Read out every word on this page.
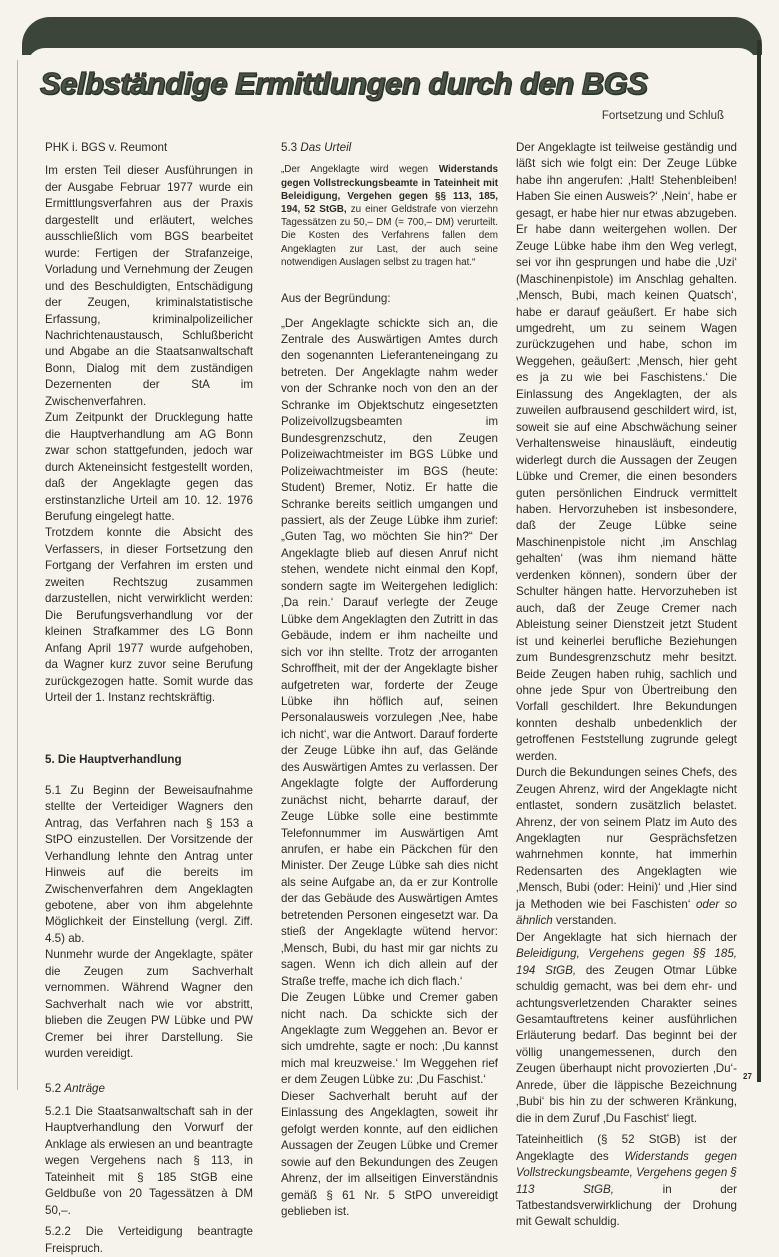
Selbständige Ermittlungen durch den BGS
Fortsetzung und Schluß
PHK i. BGS v. Reumont
Im ersten Teil dieser Ausführungen in der Ausgabe Februar 1977 wurde ein Ermittlungsverfahren aus der Praxis dargestellt und erläutert, welches ausschließlich vom BGS bearbeitet wurde: Fertigen der Strafanzeige, Vorladung und Vernehmung der Zeugen und des Beschuldigten, Entschädigung der Zeugen, kriminalstatistische Erfassung, kriminalpolizeilicher Nachrichtenaustausch, Schlußbericht und Abgabe an die Staatsanwaltschaft Bonn, Dialog mit dem zuständigen Dezernenten der StA im Zwischenverfahren.
Zum Zeitpunkt der Drucklegung hatte die Hauptverhandlung am AG Bonn zwar schon stattgefunden, jedoch war durch Akteneinsicht festgestellt worden, daß der Angeklagte gegen das erstinstanzliche Urteil am 10. 12. 1976 Berufung eingelegt hatte.
Trotzdem konnte die Absicht des Verfassers, in dieser Fortsetzung den Fortgang der Verfahren im ersten und zweiten Rechtszug zusammen darzustellen, nicht verwirklicht werden: Die Berufungsverhandlung vor der kleinen Strafkammer des LG Bonn Anfang April 1977 wurde aufgehoben, da Wagner kurz zuvor seine Berufung zurückgezogen hatte. Somit wurde das Urteil der 1. Instanz rechtskräftig.
5. Die Hauptverhandlung
5.1 Zu Beginn der Beweisaufnahme stellte der Verteidiger Wagners den Antrag, das Verfahren nach § 153 a StPO einzustellen. Der Vorsitzende der Verhandlung lehnte den Antrag unter Hinweis auf die bereits im Zwischenverfahren dem Angeklagten gebotene, aber von ihm abgelehnte Möglichkeit der Einstellung (vergl. Ziff. 4.5) ab.
Nunmehr wurde der Angeklagte, später die Zeugen zum Sachverhalt vernommen. Während Wagner den Sachverhalt nach wie vor abstritt, blieben die Zeugen PW Lübke und PW Cremer bei ihrer Darstellung. Sie wurden vereidigt.
5.2 Anträge
5.2.1 Die Staatsanwaltschaft sah in der Hauptverhandlung den Vorwurf der Anklage als erwiesen an und beantragte wegen Vergehens nach § 113, in Tateinheit mit § 185 StGB eine Geldbuße von 20 Tagessätzen à DM 50,–.
5.2.2 Die Verteidigung beantragte Freispruch.
5.3 Das Urteil
„Der Angeklagte wird wegen Widerstands gegen Vollstreckungsbeamte in Tateinheit mit Beleidigung, Vergehen gegen §§ 113, 185, 194, 52 StGB, zu einer Geldstrafe von vierzehn Tagessätzen zu 50,– DM (= 700,– DM) verurteilt. Die Kosten des Verfahrens fallen dem Angeklagten zur Last, der auch seine notwendigen Auslagen selbst zu tragen hat.“
Aus der Begründung:
„Der Angeklagte schickte sich an, die Zentrale des Auswärtigen Amtes durch den sogenannten Lieferanteneingang zu betreten. Der Angeklagte nahm weder von der Schranke noch von den an der Schranke im Objektschutz eingesetzten Polizeivollzugsbeamten im Bundesgrenzschutz, den Zeugen Polizeiwachtmeister im BGS Lübke und Polizeiwachtmeister im BGS (heute: Student) Bremer, Notiz. Er hatte die Schranke bereits seitlich umgangen und passiert, als der Zeuge Lübke ihm zurief: „Guten Tag, wo möchten Sie hin?“ Der Angeklagte blieb auf diesen Anruf nicht stehen, wendete nicht einmal den Kopf, sondern sagte im Weitergehen lediglich: ‚Da rein.‘ Darauf verlegte der Zeuge Lübke dem Angeklagten den Zutritt in das Gebäude, indem er ihm nacheilte und sich vor ihn stellte. Trotz der arroganten Schroffheit, mit der der Angeklagte bisher aufgetreten war, forderte der Zeuge Lübke ihn höflich auf, seinen Personalausweis vorzulegen ‚Nee, habe ich nicht‘, war die Antwort. Darauf forderte der Zeuge Lübke ihn auf, das Gelände des Auswärtigen Amtes zu verlassen. Der Angeklagte folgte der Aufforderung zunächst nicht, beharrte darauf, der Zeuge Lübke solle eine bestimmte Telefonnummer im Auswärtigen Amt anrufen, er habe ein Päckchen für den Minister. Der Zeuge Lübke sah dies nicht als seine Aufgabe an, da er zur Kontrolle der das Gebäude des Auswärtigen Amtes betretenden Personen eingesetzt war. Da stieß der Angeklagte wütend hervor: ‚Mensch, Bubi, du hast mir gar nichts zu sagen. Wenn ich dich allein auf der Straße treffe, mache ich dich flach.‘
Die Zeugen Lübke und Cremer gaben nicht nach. Da schickte sich der Angeklagte zum Weggehen an. Bevor er sich umdrehte, sagte er noch: ‚Du kannst mich mal kreuzweise.‘ Im Weggehen rief er dem Zeugen Lübke zu: ‚Du Faschist.‘
Dieser Sachverhalt beruht auf der Einlassung des Angeklagten, soweit ihr gefolgt werden konnte, auf den eidlichen Aussagen der Zeugen Lübke und Cremer sowie auf den Bekundungen des Zeugen Ahrenz, der im allseitigen Einverständnis gemäß § 61 Nr. 5 StPO unvereidigt geblieben ist.
Der Angeklagte ist teilweise geständig und läßt sich wie folgt ein: Der Zeuge Lübke habe ihn angerufen: ‚Halt! Stehenbleiben! Haben Sie einen Ausweis?‘ ‚Nein‘, habe er gesagt, er habe hier nur etwas abzugeben. Er habe dann weitergehen wollen. Der Zeuge Lübke habe ihm den Weg verlegt, sei vor ihn gesprungen und habe die ‚Uzi‘ (Maschinenpistole) im Anschlag gehalten. ‚Mensch, Bubi, mach keinen Quatsch‘, habe er darauf geäußert. Er habe sich umgedreht, um zu seinem Wagen zurückzugehen und habe, schon im Weggehen, geäußert: ‚Mensch, hier geht es ja zu wie bei Faschistens.‘ Die Einlassung des Angeklagten, der als zuweilen aufbrausend geschildert wird, ist, soweit sie auf eine Abschwächung seiner Verhaltensweise hinausläuft, eindeutig widerlegt durch die Aussagen der Zeugen Lübke und Cremer, die einen besonders guten persönlichen Eindruck vermittelt haben. Hervorzuheben ist insbesondere, daß der Zeuge Lübke seine Maschinenpistole nicht ‚im Anschlag gehalten‘ (was ihm niemand hätte verdenken können), sondern über der Schulter hängen hatte. Hervorzuheben ist auch, daß der Zeuge Cremer nach Ableistung seiner Dienstzeit jetzt Student ist und keinerlei berufliche Beziehungen zum Bundesgrenzschutz mehr besitzt. Beide Zeugen haben ruhig, sachlich und ohne jede Spur von Übertreibung den Vorfall geschildert. Ihre Bekundungen konnten deshalb unbedenklich der getroffenen Feststellung zugrunde gelegt werden.
Durch die Bekundungen seines Chefs, des Zeugen Ahrenz, wird der Angeklagte nicht entlastet, sondern zusätzlich belastet. Ahrenz, der von seinem Platz im Auto des Angeklagten nur Gesprächsfetzen wahrnehmen konnte, hat immerhin Redensarten des Angeklagten wie ‚Mensch, Bubi (oder: Heini)‘ und ‚Hier sind ja Methoden wie bei Faschisten‘ oder so ähnlich verstanden.
Der Angeklagte hat sich hiernach der Beleidigung, Vergehens gegen §§ 185, 194 StGB, des Zeugen Otmar Lübke schuldig gemacht, was bei dem ehr- und achtungsverletzenden Charakter seines Gesamtauftretens keiner ausführlichen Erläuterung bedarf. Das beginnt bei der völlig unangemessenen, durch den Zeugen überhaupt nicht provozierten ‚Du‘-Anrede, über die läppische Bezeichnung ‚Bubi‘ bis hin zu der schweren Kränkung, die in dem Zuruf ‚Du Faschist‘ liegt.
Tateinheitlich (§ 52 StGB) ist der Angeklagte des Widerstands gegen Vollstreckungsbeamte, Vergehens gegen § 113 StGB, in der Tatbestandsverwirklichung der Drohung mit Gewalt schuldig.
27
